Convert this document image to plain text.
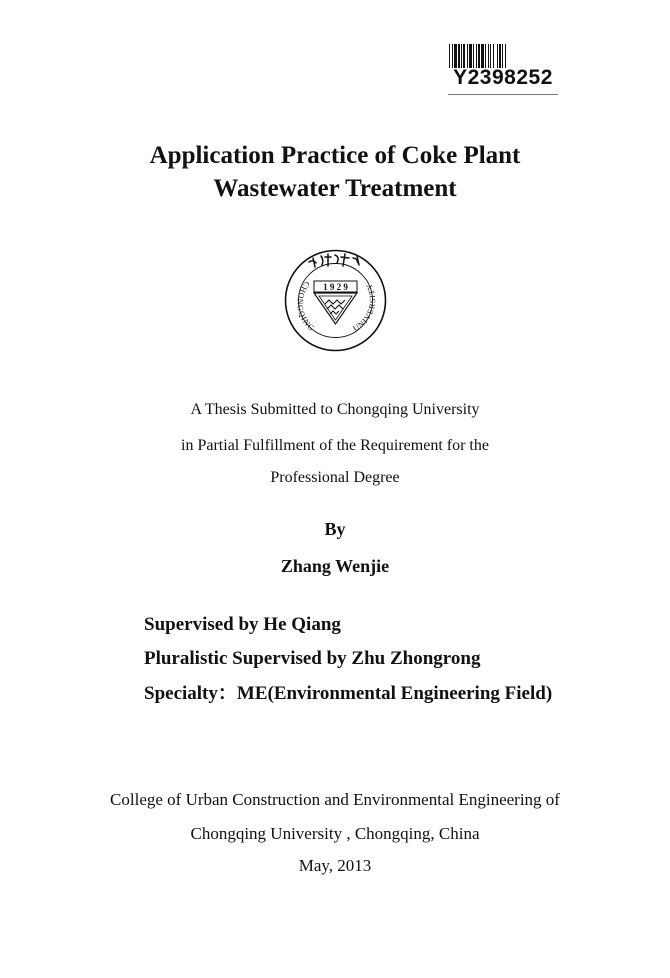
Y2398252
Application Practice of Coke Plant
Wastewater Treatment
1 9 2 9
CHONGQING	UNIVERSITY
A Thesis Submitted to Chongqing University
in Partial Fulfillment of the Requirement for the
Professional Degree
By
Zhang Wenjie
Supervised by He Qiang
Pluralistic Supervised by Zhu Zhongrong
Specialty：ME(Environmental Engineering Field)
College of Urban Construction and Environmental Engineering of
Chongqing University , Chongqing, China
May, 2013
